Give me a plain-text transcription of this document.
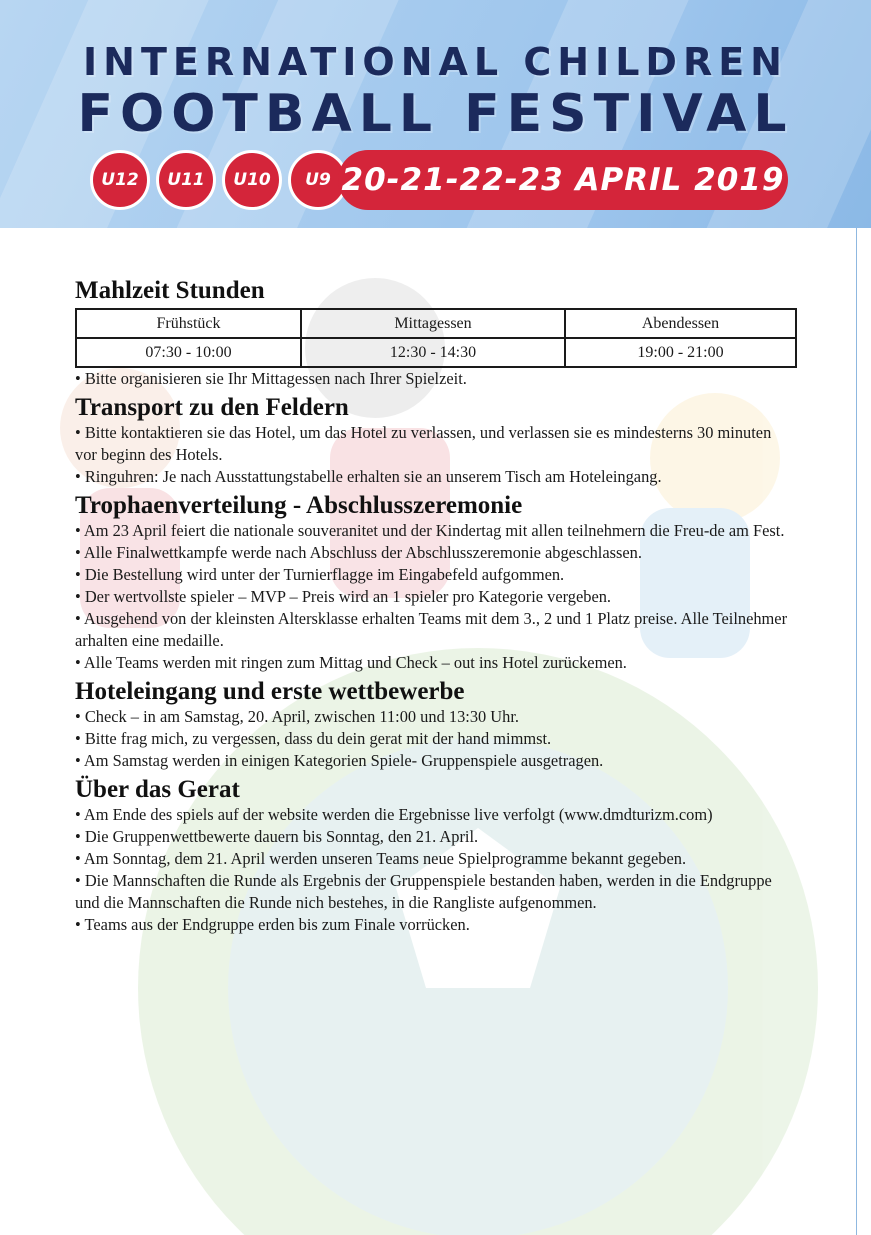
INTERNATIONAL CHILDREN
FOOTBALL FESTIVAL
U12	U11	U10	U9 20-21-22-23 APRIL 2019
Mahlzeit Stunden
Frühstück	Mittagessen	Abendessen
07:30 - 10:00	12:30 - 14:30	19:00 - 21:00

• Bitte organisieren sie Ihr Mittagessen nach Ihrer Spielzeit.

Transport zu den Feldern

• Bitte kontaktieren sie das Hotel, um das Hotel zu verlassen, und verlassen sie es mindesterns 30 minuten vor beginn des Hotels.

• Ringuhren: Je nach Ausstattungstabelle erhalten sie an unserem Tisch am Hoteleingang.

Trophaenverteilung - Abschlusszeremonie

• Am 23 April feiert die nationale souveranitet und der Kindertag mit allen teilnehmern die Freu-de am Fest.

• Alle Finalwettkampfe werde nach Abschluss der Abschlusszeremonie abgeschlassen.

• Die Bestellung wird unter der Turnierflagge im Eingabefeld aufgommen.

• Der wertvollste spieler – MVP – Preis wird an 1 spieler pro Kategorie vergeben.

• Ausgehend von der kleinsten Altersklasse erhalten Teams mit dem 3., 2 und 1 Platz preise. Alle Teilnehmer arhalten eine medaille.

• Alle Teams werden mit ringen zum Mittag und Check – out ins Hotel zurückemen.

Hoteleingang und erste wettbewerbe

• Check – in am Samstag, 20. April, zwischen 11:00 und 13:30 Uhr.

• Bitte frag mich, zu vergessen, dass du dein gerat mit der hand mimmst.

• Am Samstag werden in einigen Kategorien Spiele- Gruppenspiele ausgetragen.

Über das Gerat

• Am Ende des spiels auf der website werden die Ergebnisse live verfolgt (www.dmdturizm.com)

• Die Gruppenwettbewerte dauern bis Sonntag, den 21. April.

• Am Sonntag, dem 21. April werden unseren Teams neue Spielprogramme bekannt gegeben.

• Die Mannschaften die Runde als Ergebnis der Gruppenspiele bestanden haben, werden in die Endgruppe und die Mannschaften die Runde nich bestehes, in die Rangliste aufgenommen.

• Teams aus der Endgruppe erden bis zum Finale vorrücken.
